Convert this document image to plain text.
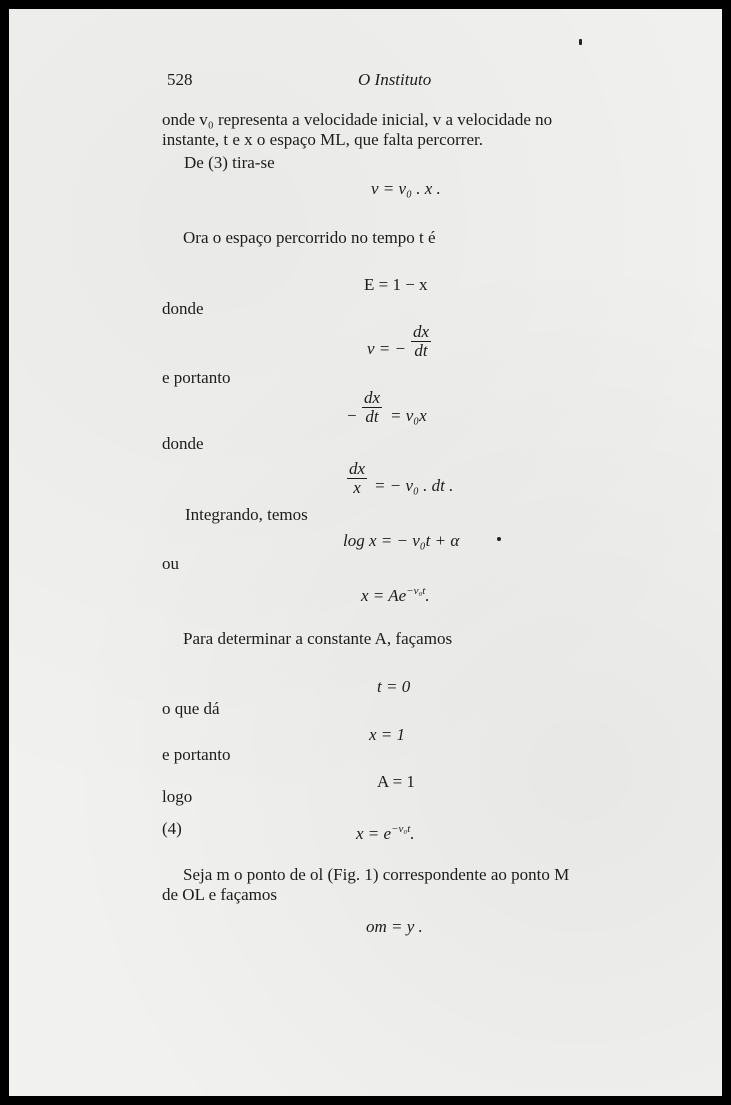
528	O Instituto
onde v₀ representa a velocidade inicial, v a velocidade no
instante, t e x o espaço ML, que falta percorrer.
De (3) tira-se
v = v₀ . x .
Ora o espaço percorrido no tempo t é
E = 1 − x
donde
v = − $\frac{dx}{dt}$
e portanto
− $\frac{dx}{dt} = v_0x$
donde
$\frac{dx}{x}$ = − v₀ . dt .
Integrando, temos
log x = − v₀t + α
ou
$x = Ae^{-v_0t}$.
Para determinar a constante A, façamos
t = 0
o que dá
x = 1
e portanto
A = 1
logo
(4)	$x = e^{-v_0t}$.
Seja m o ponto de ol (Fig. 1) correspondente ao ponto M
de OL e façamos
om = y .
